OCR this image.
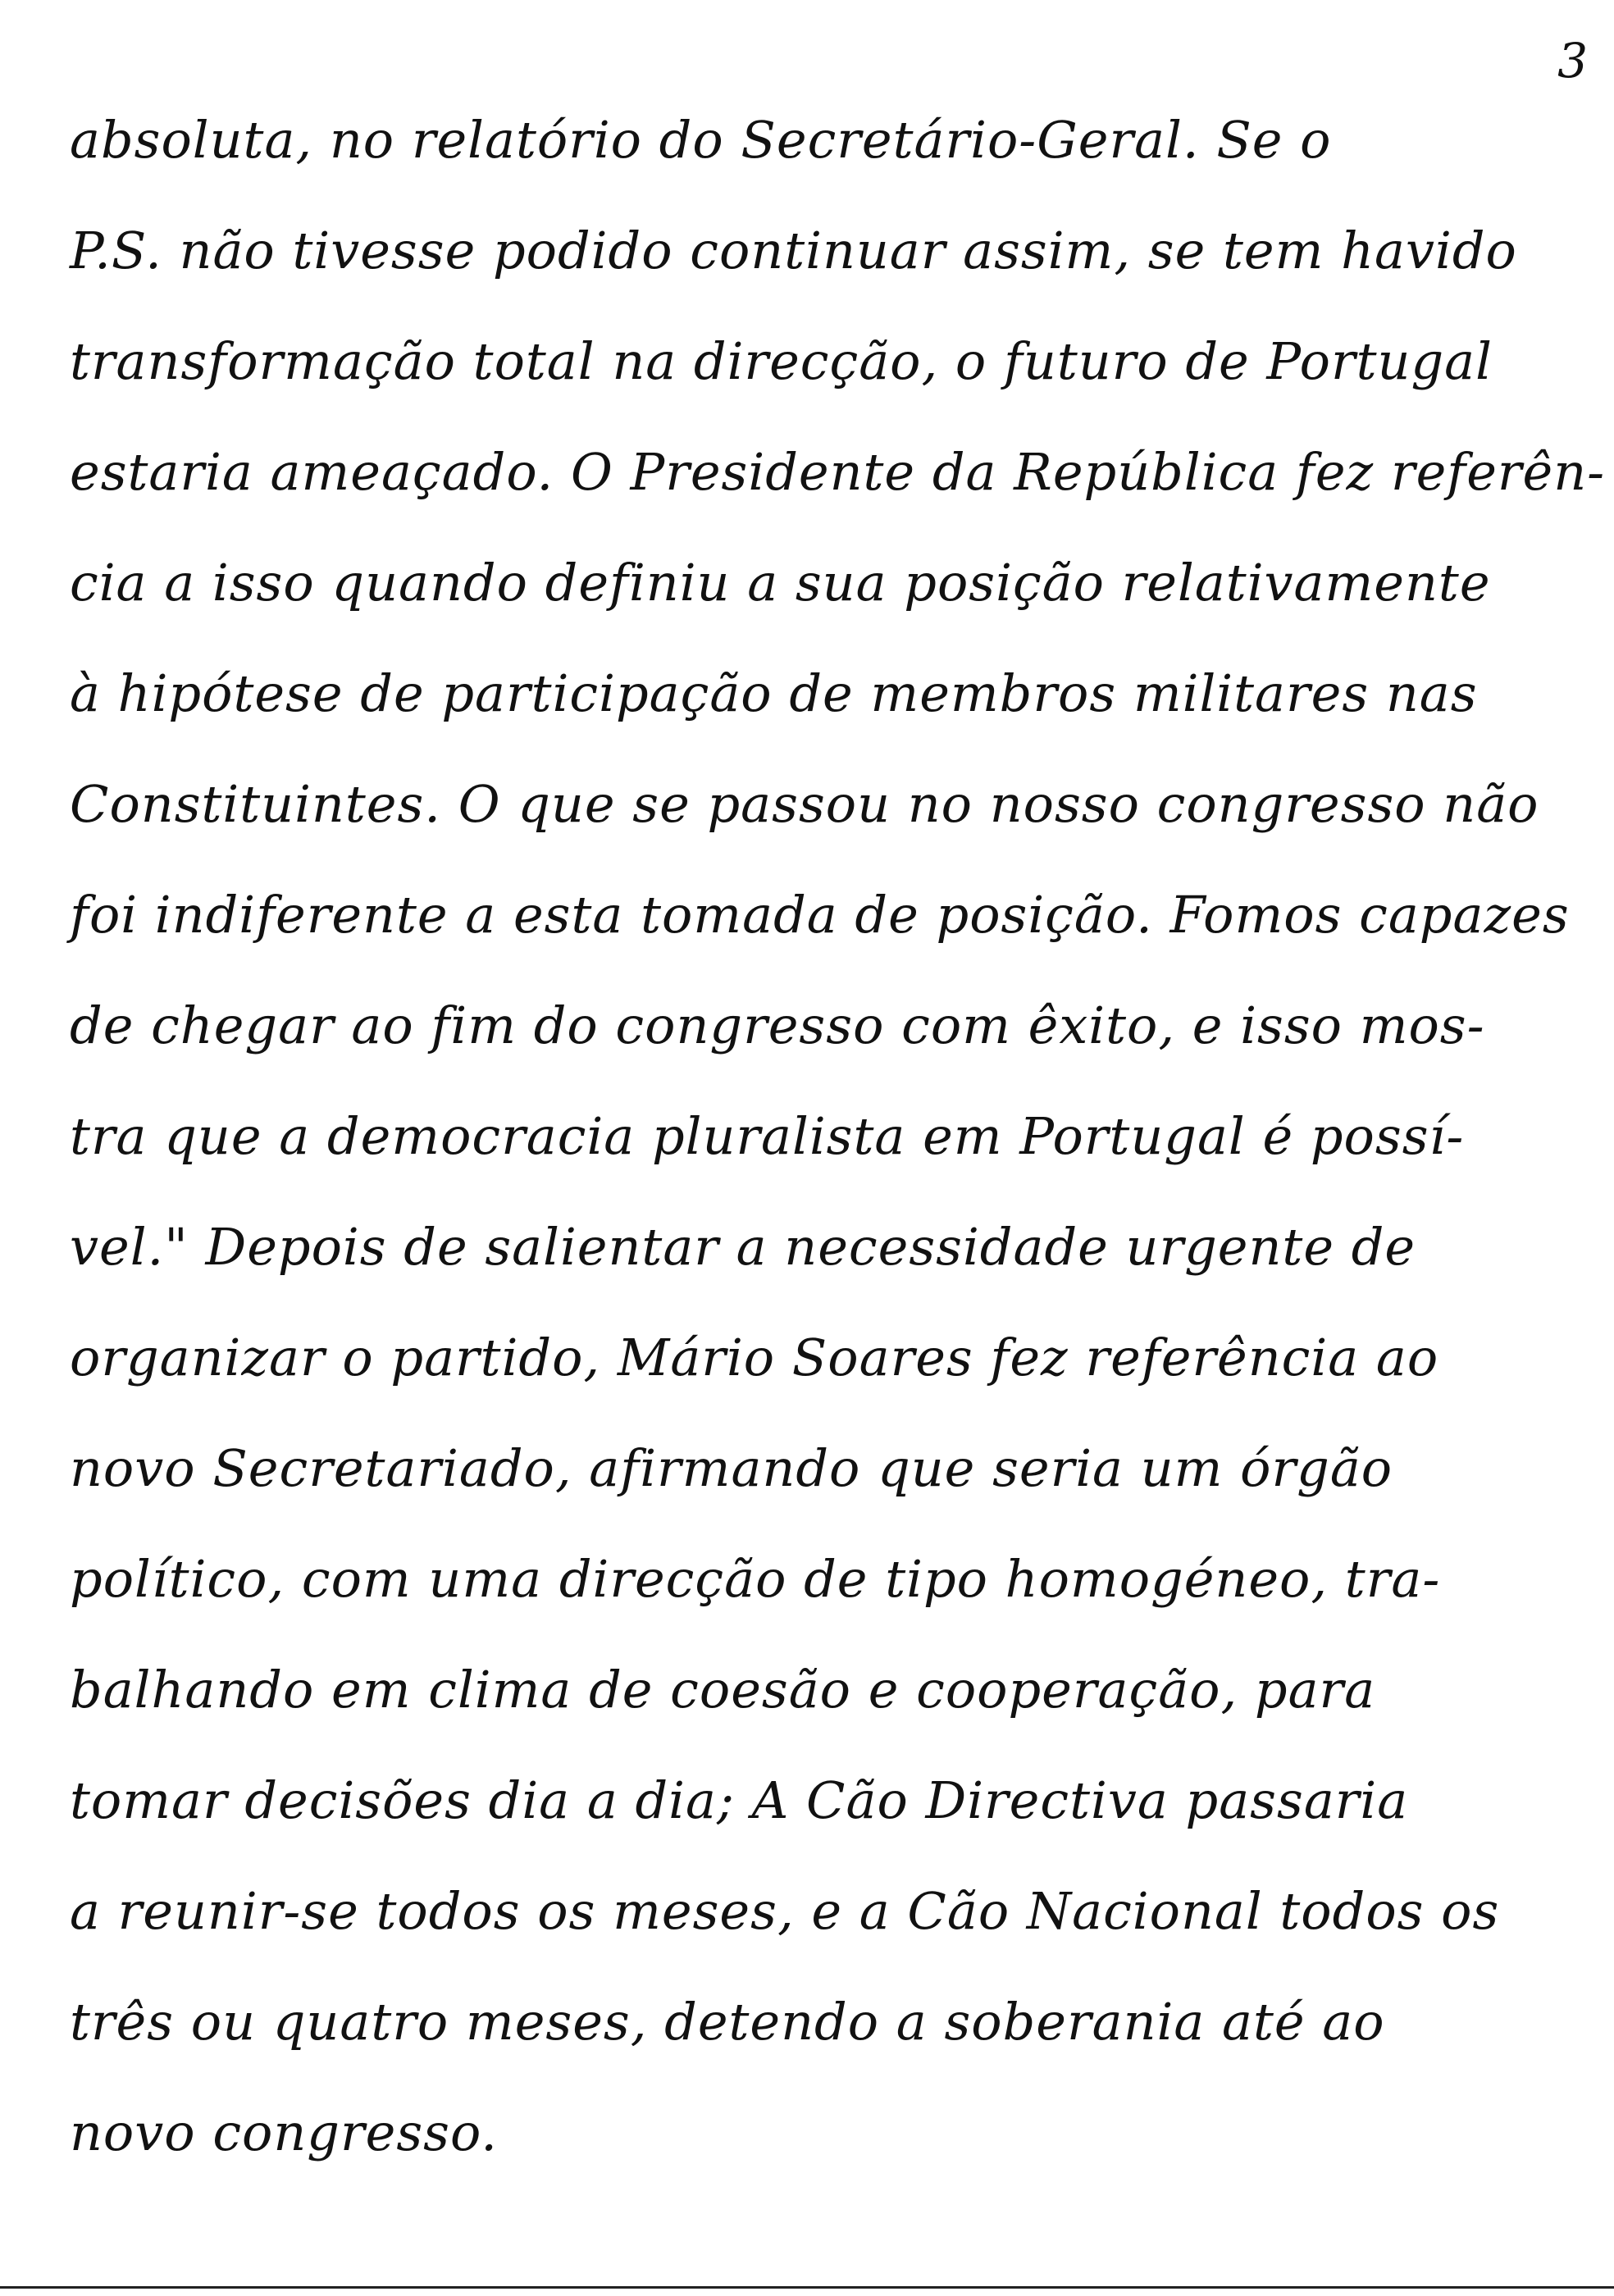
3
absoluta, no relatório do Secretário-Geral. Se o
P.S. não tivesse podido continuar assim, se tem havido
transformação total na direcção, o futuro de Portugal
estaria ameaçado. O Presidente da República fez referên-
cia a isso quando definiu a sua posição relativamente
à hipótese de participação de membros militares nas
Constituintes. O que se passou no nosso congresso não
foi indiferente a esta tomada de posição. Fomos capazes
de chegar ao fim do congresso com êxito, e isso mos-
tra que a democracia pluralista em Portugal é possí-
vel." Depois de salientar a necessidade urgente de
organizar o partido, Mário Soares fez referência ao
novo Secretariado, afirmando que seria um órgão
político, com uma direcção de tipo homogéneo, tra-
balhando em clima de coesão e cooperação, para
tomar decisões dia a dia; A Cão Directiva passaria
a reunir-se todos os meses, e a Cão Nacional todos os
três ou quatro meses, detendo a soberania até ao
novo congresso.
